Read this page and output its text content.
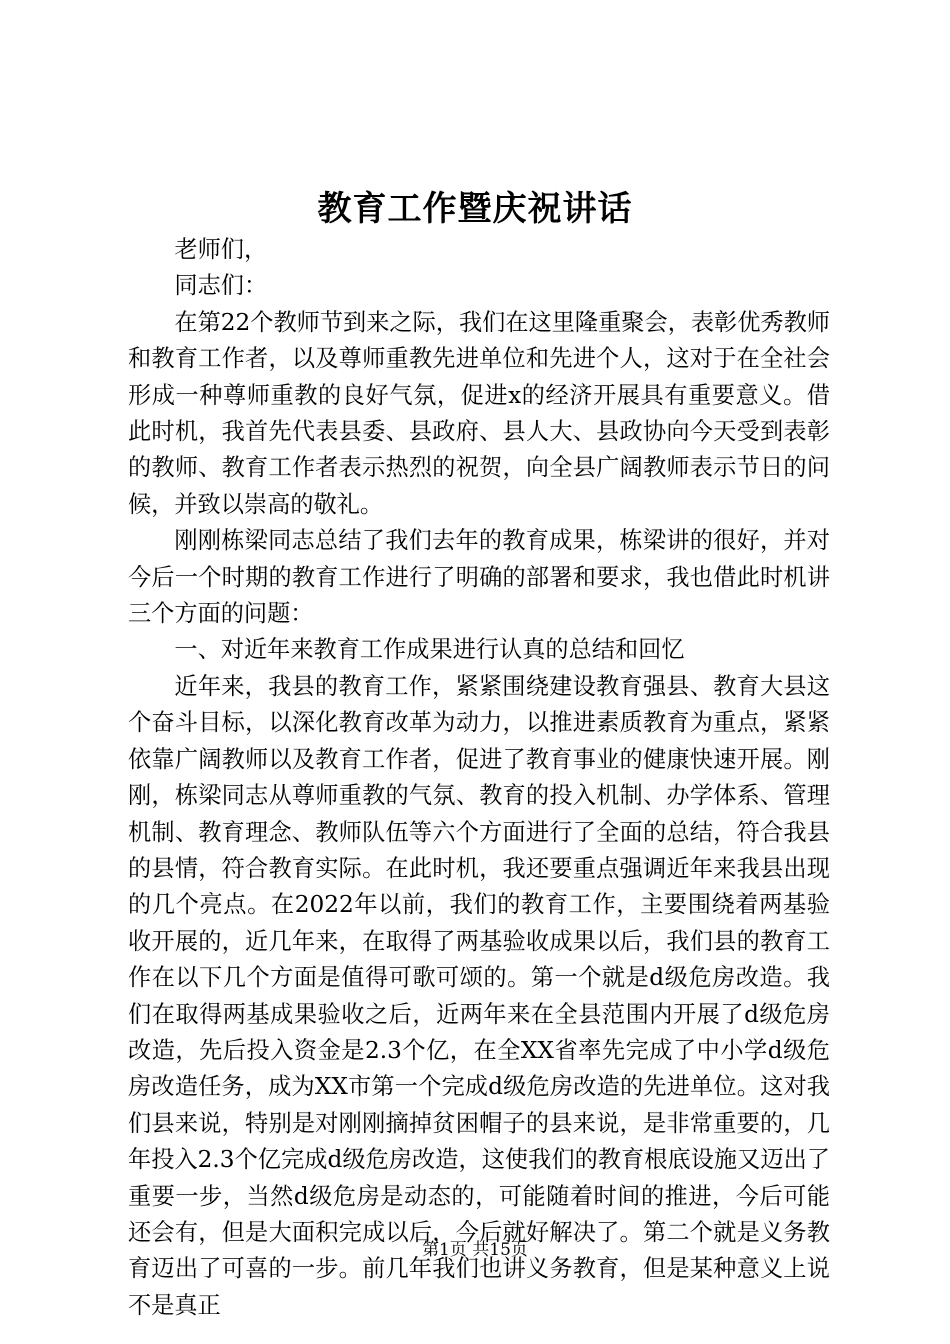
教育工作暨庆祝讲话

老师们，

同志们：

在第22个教师节到来之际，我们在这里隆重聚会，表彰优秀教师和教育工作者，以及尊师重教先进单位和先进个人，这对于在全社会形成一种尊师重教的良好气氛，促进x的经济开展具有重要意义。借此时机，我首先代表县委、县政府、县人大、县政协向今天受到表彰的教师、教育工作者表示热烈的祝贺，向全县广阔教师表示节日的问候，并致以崇高的敬礼。

刚刚栋梁同志总结了我们去年的教育成果，栋梁讲的很好，并对今后一个时期的教育工作进行了明确的部署和要求，我也借此时机讲三个方面的问题：

一、对近年来教育工作成果进行认真的总结和回忆

近年来，我县的教育工作，紧紧围绕建设教育强县、教育大县这个奋斗目标，以深化教育改革为动力，以推进素质教育为重点，紧紧依靠广阔教师以及教育工作者，促进了教育事业的健康快速开展。刚刚，栋梁同志从尊师重教的气氛、教育的投入机制、办学体系、管理机制、教育理念、教师队伍等六个方面进行了全面的总结，符合我县的县情，符合教育实际。在此时机，我还要重点强调近年来我县出现的几个亮点。在2022年以前，我们的教育工作，主要围绕着两基验收开展的，近几年来，在取得了两基验收成果以后，我们县的教育工作在以下几个方面是值得可歌可颂的。第一个就是d级危房改造。我们在取得两基成果验收之后，近两年来在全县范围内开展了d级危房改造，先后投入资金是2.3个亿，在全XX省率先完成了中小学d级危房改造任务，成为XX市第一个完成d级危房改造的先进单位。这对我们县来说，特别是对刚刚摘掉贫困帽子的县来说，是非常重要的，几年投入2.3个亿完成d级危房改造，这使我们的教育根底设施又迈出了重要一步，当然d级危房是动态的，可能随着时间的推进，今后可能还会有，但是大面积完成以后，今后就好解决了。第二个就是义务教育迈出了可喜的一步。前几年我们也讲义务教育，但是某种意义上说不是真正

第1页 共15页
